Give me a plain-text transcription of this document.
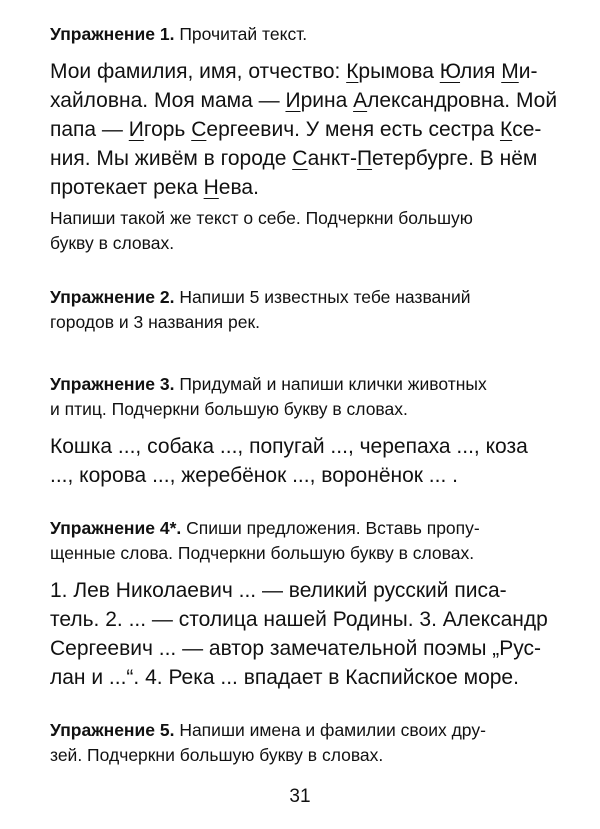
Упражнение 1. Прочитай текст.
Мои фамилия, имя, отчество: Крымова Юлия Ми-
хайловна. Моя мама — Ирина Александровна. Мой
папа — Игорь Сергеевич. У меня есть сестра Ксе-
ния. Мы живём в городе Санкт-Петербурге. В нём
протекает река Нева.
Напиши такой же текст о себе. Подчеркни большую
букву в словах.
Упражнение 2. Напиши 5 известных тебе названий
городов и 3 названия рек.
Упражнение 3. Придумай и напиши клички животных
и птиц. Подчеркни большую букву в словах.
Кошка ..., собака ..., попугай ..., черепаха ..., коза
..., корова ..., жеребёнок ..., воронёнок ... .
Упражнение 4*. Спиши предложения. Вставь пропу-
щенные слова. Подчеркни большую букву в словах.
1. Лев Николаевич ... — великий русский писа-
тель. 2. ... — столица нашей Родины. 3. Александр
Сергеевич ... — автор замечательной поэмы „Рус-
лан и ...“. 4. Река ... впадает в Каспийское море.
Упражнение 5. Напиши имена и фамилии своих дру-
зей. Подчеркни большую букву в словах.
31
